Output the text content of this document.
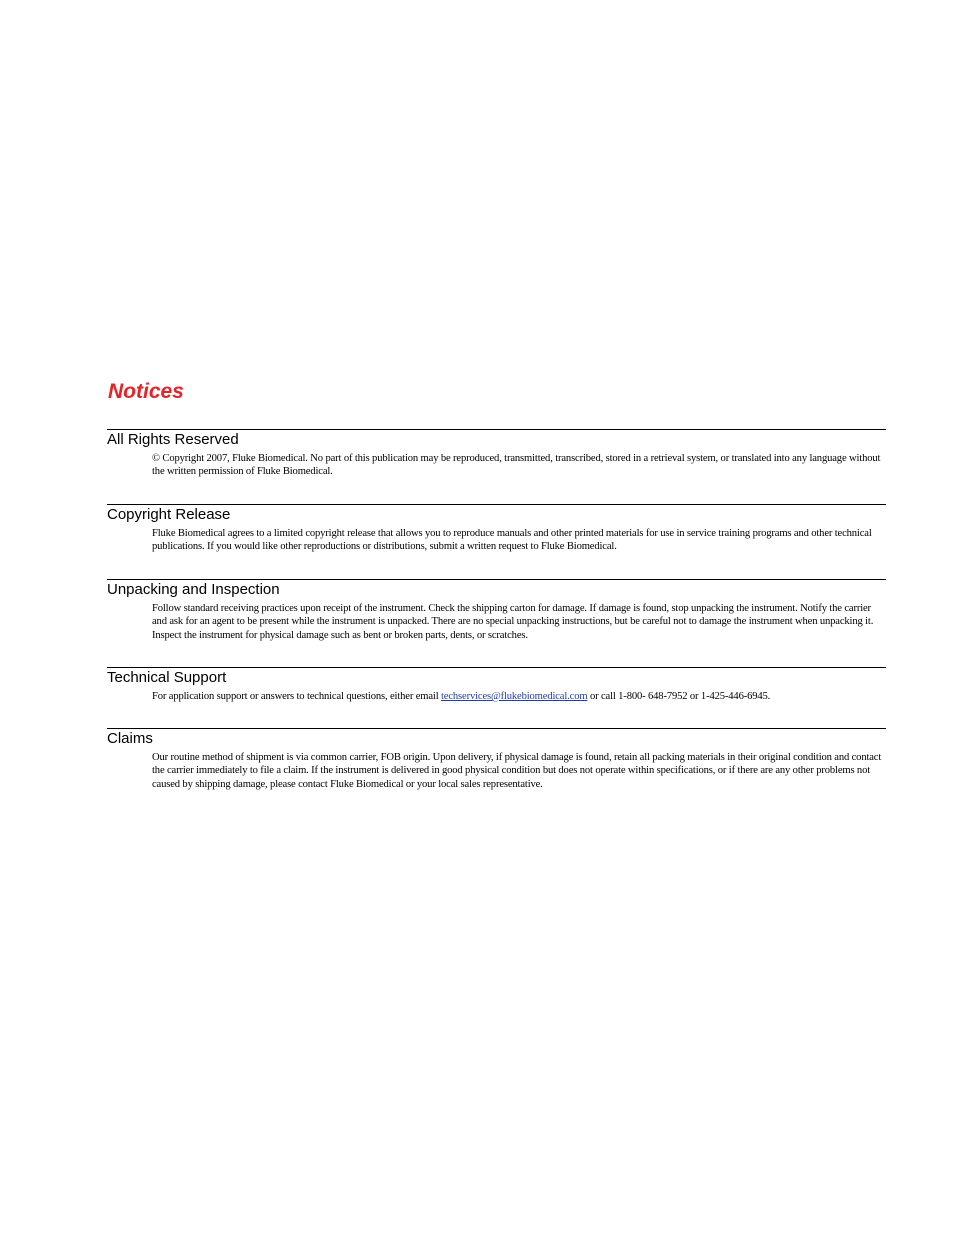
Notices
All Rights Reserved

© Copyright 2007, Fluke Biomedical. No part of this publication may be reproduced, transmitted, transcribed, stored in a retrieval system, or translated into any language without the written permission of Fluke Biomedical.

Copyright Release

Fluke Biomedical agrees to a limited copyright release that allows you to reproduce manuals and other printed materials for use in service training programs and other technical publications. If you would like other reproductions or distributions, submit a written request to Fluke Biomedical.

Unpacking and Inspection

Follow standard receiving practices upon receipt of the instrument. Check the shipping carton for damage. If damage is found, stop unpacking the instrument. Notify the carrier and ask for an agent to be present while the instrument is unpacked. There are no special unpacking instructions, but be careful not to damage the instrument when unpacking it. Inspect the instrument for physical damage such as bent or broken parts, dents, or scratches.

Technical Support

For application support or answers to technical questions, either email techservices@flukebiomedical.com or call 1-800- 648-7952 or 1-425-446-6945.

Claims

Our routine method of shipment is via common carrier, FOB origin. Upon delivery, if physical damage is found, retain all packing materials in their original condition and contact the carrier immediately to file a claim. If the instrument is delivered in good physical condition but does not operate within specifications, or if there are any other problems not caused by shipping damage, please contact Fluke Biomedical or your local sales representative.
